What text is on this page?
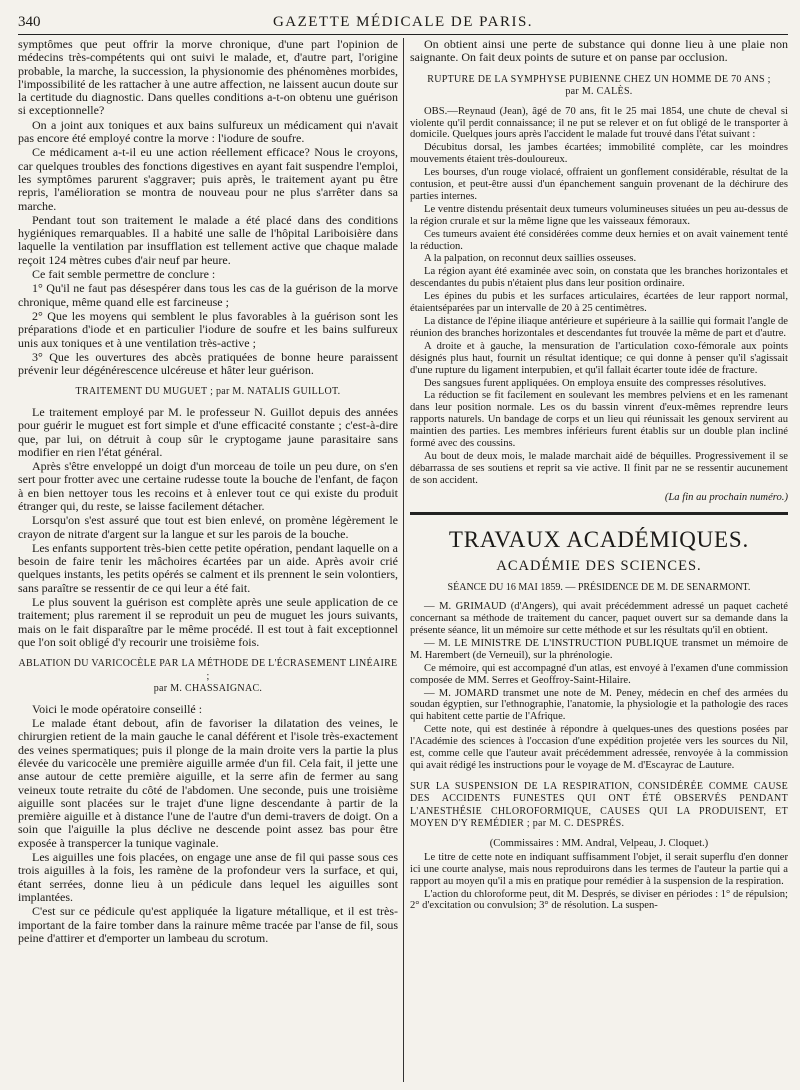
340	GAZETTE MÉDICALE DE PARIS.

symptômes que peut offrir la morve chronique, d'une part l'opinion de médecins très-compétents qui ont suivi le malade, et, d'autre part, l'origine probable, la marche, la succession, la physionomie des phénomènes morbides, l'impossibilité de les rattacher à une autre affection, ne laissent aucun doute sur la certitude du diagnostic. Dans quelles conditions a-t-on obtenu une guérison si exceptionnelle?

On a joint aux toniques et aux bains sulfureux un médicament qui n'avait pas encore été employé contre la morve : l'iodure de soufre.

Ce médicament a-t-il eu une action réellement efficace? Nous le croyons, car quelques troubles des fonctions digestives en ayant fait suspendre l'emploi, les symptômes parurent s'aggraver; puis après, le traitement ayant pu être repris, l'amélioration se montra de nouveau pour ne plus s'arrêter dans sa marche.

Pendant tout son traitement le malade a été placé dans des conditions hygiéniques remarquables. Il a habité une salle de l'hôpital Lariboisière dans laquelle la ventilation par insufflation est tellement active que chaque malade reçoit 124 mètres cubes d'air neuf par heure.

Ce fait semble permettre de conclure :

1° Qu'il ne faut pas désespérer dans tous les cas de la guérison de la morve chronique, même quand elle est farcineuse ;

2° Que les moyens qui semblent le plus favorables à la guérison sont les préparations d'iode et en particulier l'iodure de soufre et les bains sulfureux unis aux toniques et à une ventilation très-active ;

3° Que les ouvertures des abcès pratiquées de bonne heure paraissent prévenir leur dégénérescence ulcéreuse et hâter leur guérison.

TRAITEMENT DU MUGUET ; par M. NATALIS GUILLOT.

Le traitement employé par M. le professeur N. Guillot depuis des années pour guérir le muguet est fort simple et d'une efficacité constante ; c'est-à-dire que, par lui, on détruit à coup sûr le cryptogame jaune parasitaire sans modifier en rien l'état général.

Après s'être enveloppé un doigt d'un morceau de toile un peu dure, on s'en sert pour frotter avec une certaine rudesse toute la bouche de l'enfant, de façon à en bien nettoyer tous les recoins et à enlever tout ce qui existe du produit étranger qui, du reste, se laisse facilement détacher.

Lorsqu'on s'est assuré que tout est bien enlevé, on promène légèrement le crayon de nitrate d'argent sur la langue et sur les parois de la bouche.

Les enfants supportent très-bien cette petite opération, pendant laquelle on a besoin de faire tenir les mâchoires écartées par un aide. Après avoir crié quelques instants, les petits opérés se calment et ils prennent le sein volontiers, sans paraître se ressentir de ce qui leur a été fait.

Le plus souvent la guérison est complète après une seule application de ce traitement; plus rarement il se reproduit un peu de muguet les jours suivants, mais on le fait disparaître par le même procédé. Il est tout à fait exceptionnel que l'on soit obligé d'y recourir une troisième fois.

ABLATION DU VARICOCÈLE PAR LA MÉTHODE DE L'ÉCRASEMENT LINÉAIRE ;
par M. CHASSAIGNAC.

Voici le mode opératoire conseillé :

Le malade étant debout, afin de favoriser la dilatation des veines, le chirurgien retient de la main gauche le canal déférent et l'isole très-exactement des veines spermatiques; puis il plonge de la main droite vers la partie la plus élevée du varicocèle une première aiguille armée d'un fil. Cela fait, il jette une anse autour de cette première aiguille, et la serre afin de fermer au sang veineux toute retraite du côté de l'abdomen. Une seconde, puis une troisième aiguille sont placées sur le trajet d'une ligne descendante à partir de la première aiguille et à distance l'une de l'autre d'un demi-travers de doigt. On a soin que l'aiguille la plus déclive ne descende point assez bas pour être exposée à transpercer la tunique vaginale.

Les aiguilles une fois placées, on engage une anse de fil qui passe sous ces trois aiguilles à la fois, les ramène de la profondeur vers la surface, et qui, étant serrées, donne lieu à un pédicule dans lequel les aiguilles sont implantées.

C'est sur ce pédicule qu'est appliquée la ligature métallique, et il est très-important de la faire tomber dans la rainure même tracée par l'anse de fil, sous peine d'attirer et d'emporter un lambeau du scrotum.

On obtient ainsi une perte de substance qui donne lieu à une plaie non saignante. On fait deux points de suture et on panse par occlusion.

RUPTURE DE LA SYMPHYSE PUBIENNE CHEZ UN HOMME DE 70 ANS ;
par M. CALÈS.

OBS.—Reynaud (Jean), âgé de 70 ans, fit le 25 mai 1854, une chute de cheval si violente qu'il perdit connaissance; il ne put se relever et on fut obligé de le transporter à domicile. Quelques jours après l'accident le malade fut trouvé dans l'état suivant :

Décubitus dorsal, les jambes écartées; immobilité complète, car les moindres mouvements étaient très-douloureux.

Les bourses, d'un rouge violacé, offraient un gonflement considérable, résultat de la contusion, et peut-être aussi d'un épanchement sanguin provenant de la déchirure des parties internes.

Le ventre distendu présentait deux tumeurs volumineuses situées un peu au-dessus de la région crurale et sur la même ligne que les vaisseaux fémoraux.

Ces tumeurs avaient été considérées comme deux hernies et on avait vainement tenté la réduction.

A la palpation, on reconnut deux saillies osseuses.

La région ayant été examinée avec soin, on constata que les branches horizontales et descendantes du pubis n'étaient plus dans leur position ordinaire.

Les épines du pubis et les surfaces articulaires, écartées de leur rapport normal, étaientséparées par un intervalle de 20 à 25 centimètres.

La distance de l'épine iliaque antérieure et supérieure à la saillie qui formait l'angle de réunion des branches horizontales et descendantes fut trouvée la même de part et d'autre.

A droite et à gauche, la mensuration de l'articulation coxo-fémorale aux points désignés plus haut, fournit un résultat identique; ce qui donne à penser qu'il s'agissait d'une rupture du ligament interpubien, et qu'il fallait écarter toute idée de fracture.

Des sangsues furent appliquées. On employa ensuite des compresses résolutives.

La réduction se fit facilement en soulevant les membres pelviens et en les ramenant dans leur position normale. Les os du bassin vinrent d'eux-mêmes reprendre leurs rapports naturels. Un bandage de corps et un lieu qui réunissait les genoux servirent au maintien des parties. Les membres inférieurs furent établis sur un double plan incliné formé avec des coussins.

Au bout de deux mois, le malade marchait aidé de béquilles. Progressivement il se débarrassa de ses soutiens et reprit sa vie active. Il finit par ne se ressentir aucunement de son accident.

(La fin au prochain numéro.)
TRAVAUX ACADÉMIQUES.
ACADÉMIE DES SCIENCES.
SÉANCE DU 16 MAI 1859. — PRÉSIDENCE DE M. DE SENARMONT.

— M. GRIMAUD (d'Angers), qui avait précédemment adressé un paquet cacheté concernant sa méthode de traitement du cancer, paquet ouvert sur sa demande dans la présente séance, lit un mémoire sur cette méthode et sur les résultats qu'il en obtient.

— M. LE MINISTRE DE L'INSTRUCTION PUBLIQUE transmet un mémoire de M. Harembert (de Verneuil), sur la phrénologie.

Ce mémoire, qui est accompagné d'un atlas, est envoyé à l'examen d'une commission composée de MM. Serres et Geoffroy-Saint-Hilaire.

— M. JOMARD transmet une note de M. Peney, médecin en chef des armées du soudan égyptien, sur l'ethnographie, l'anatomie, la physiologie et la pathologie des races qui habitent cette partie de l'Afrique.

Cette note, qui est destinée à répondre à quelques-unes des questions posées par l'Académie des sciences à l'occasion d'une expédition projetée vers les sources du Nil, est, comme celle que l'auteur avait précédemment adressée, renvoyée à la commission qui avait rédigé les instructions pour le voyage de M. d'Escayrac de Lauture.

SUR LA SUSPENSION DE LA RESPIRATION, CONSIDÉRÉE COMME CAUSE DES ACCIDENTS FUNESTES QUI ONT ÉTÉ OBSERVÉS PENDANT L'ANESTHÉSIE CHLOROFORMIQUE, CAUSES QUI LA PRODUISENT, ET MOYEN D'Y REMÉDIER ; par M. C. DESPRÉS.
(Commissaires : MM. Andral, Velpeau, J. Cloquet.)

Le titre de cette note en indiquant suffisamment l'objet, il serait superflu d'en donner ici une courte analyse, mais nous reproduirons dans les termes de l'auteur la partie qui a rapport au moyen qu'il a mis en pratique pour remédier à la suspension de la respiration.

L'action du chloroforme peut, dit M. Després, se diviser en périodes : 1° de répulsion; 2° d'excitation ou convulsion; 3° de résolution. La suspen-
